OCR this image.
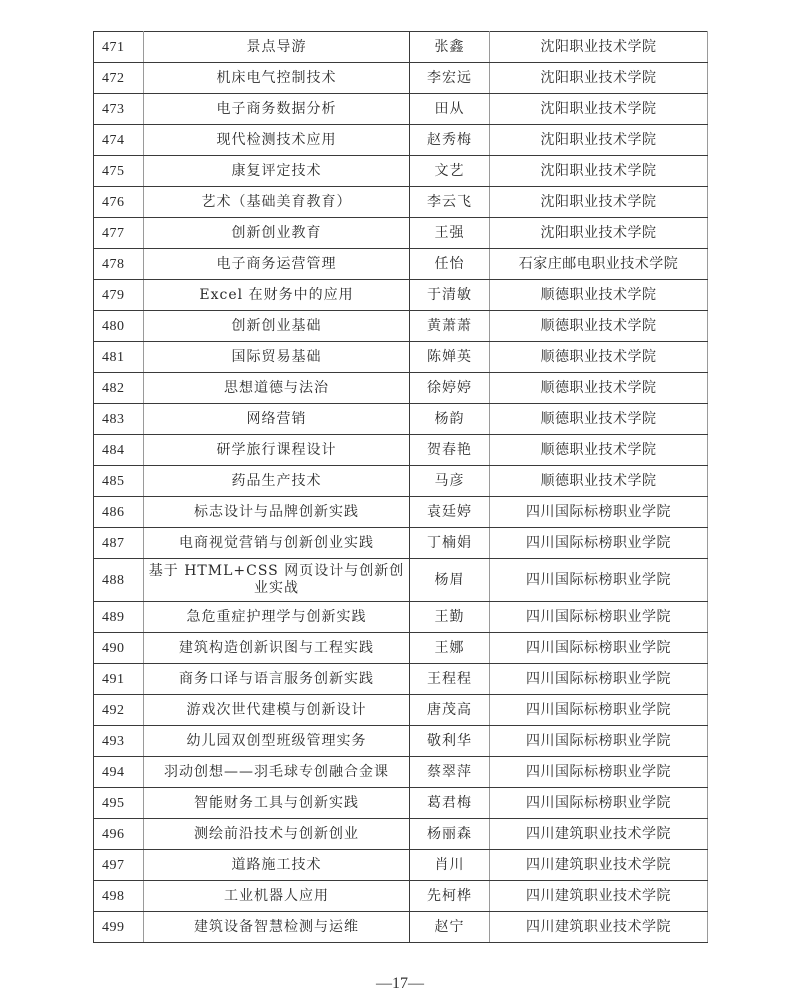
471	景点导游	张鑫	沈阳职业技术学院
472	机床电气控制技术	李宏远	沈阳职业技术学院
473	电子商务数据分析	田从	沈阳职业技术学院
474	现代检测技术应用	赵秀梅	沈阳职业技术学院
475	康复评定技术	文艺	沈阳职业技术学院
476	艺术（基础美育教育）	李云飞	沈阳职业技术学院
477	创新创业教育	王强	沈阳职业技术学院
478	电子商务运营管理	任怡	石家庄邮电职业技术学院
479	Excel 在财务中的应用	于清敏	顺德职业技术学院
480	创新创业基础	黄萧萧	顺德职业技术学院
481	国际贸易基础	陈婵英	顺德职业技术学院
482	思想道德与法治	徐婷婷	顺德职业技术学院
483	网络营销	杨韵	顺德职业技术学院
484	研学旅行课程设计	贺春艳	顺德职业技术学院
485	药品生产技术	马彦	顺德职业技术学院
486	标志设计与品牌创新实践	袁廷婷	四川国际标榜职业学院
487	电商视觉营销与创新创业实践	丁楠娟	四川国际标榜职业学院
488	基于 HTML+CSS 网页设计与创新创业实战	杨眉	四川国际标榜职业学院
489	急危重症护理学与创新实践	王勤	四川国际标榜职业学院
490	建筑构造创新识图与工程实践	王娜	四川国际标榜职业学院
491	商务口译与语言服务创新实践	王程程	四川国际标榜职业学院
492	游戏次世代建模与创新设计	唐茂高	四川国际标榜职业学院
493	幼儿园双创型班级管理实务	敬利华	四川国际标榜职业学院
494	羽动创想——羽毛球专创融合金课	蔡翠萍	四川国际标榜职业学院
495	智能财务工具与创新实践	葛君梅	四川国际标榜职业学院
496	测绘前沿技术与创新创业	杨丽森	四川建筑职业技术学院
497	道路施工技术	肖川	四川建筑职业技术学院
498	工业机器人应用	先柯桦	四川建筑职业技术学院
499	建筑设备智慧检测与运维	赵宁	四川建筑职业技术学院
—17—
